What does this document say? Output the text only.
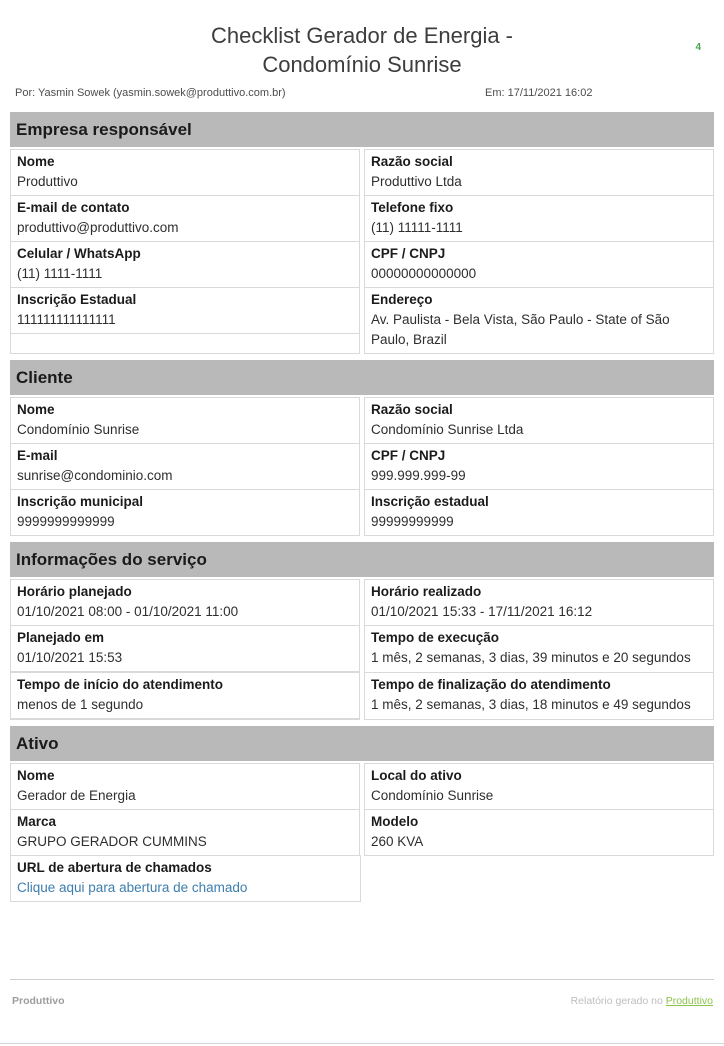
4
Checklist Gerador de Energia -
Condomínio Sunrise
Por: Yasmin Sowek (yasmin.sowek@produttivo.com.br)	Em: 17/11/2021 16:02
Empresa responsável
Nome
Produttivo
Razão social
Produttivo Ltda
E-mail de contato
produttivo@produttivo.com
Telefone fixo
(11) 11111-1111
Celular / WhatsApp
(11) 1111-1111
CPF / CNPJ
00000000000000
Inscrição Estadual
111111111111111
Endereço
Av. Paulista - Bela Vista, São Paulo - State of São Paulo, Brazil
Cliente
Nome
Condomínio Sunrise
Razão social
Condomínio Sunrise Ltda
E-mail
sunrise@condominio.com
CPF / CNPJ
999.999.999-99
Inscrição municipal
9999999999999
Inscrição estadual
99999999999
Informações do serviço
Horário planejado
01/10/2021 08:00 - 01/10/2021 11:00
Horário realizado
01/10/2021 15:33 - 17/11/2021 16:12
Planejado em
01/10/2021 15:53
Tempo de execução
1 mês, 2 semanas, 3 dias, 39 minutos e 20 segundos
Tempo de início do atendimento
menos de 1 segundo
Tempo de finalização do atendimento
1 mês, 2 semanas, 3 dias, 18 minutos e 49 segundos
Ativo
Nome
Gerador de Energia
Local do ativo
Condomínio Sunrise
Marca
GRUPO GERADOR CUMMINS
Modelo
260 KVA
URL de abertura de chamados
Clique aqui para abertura de chamado
Produttivo	Relatório gerado no Produttivo
